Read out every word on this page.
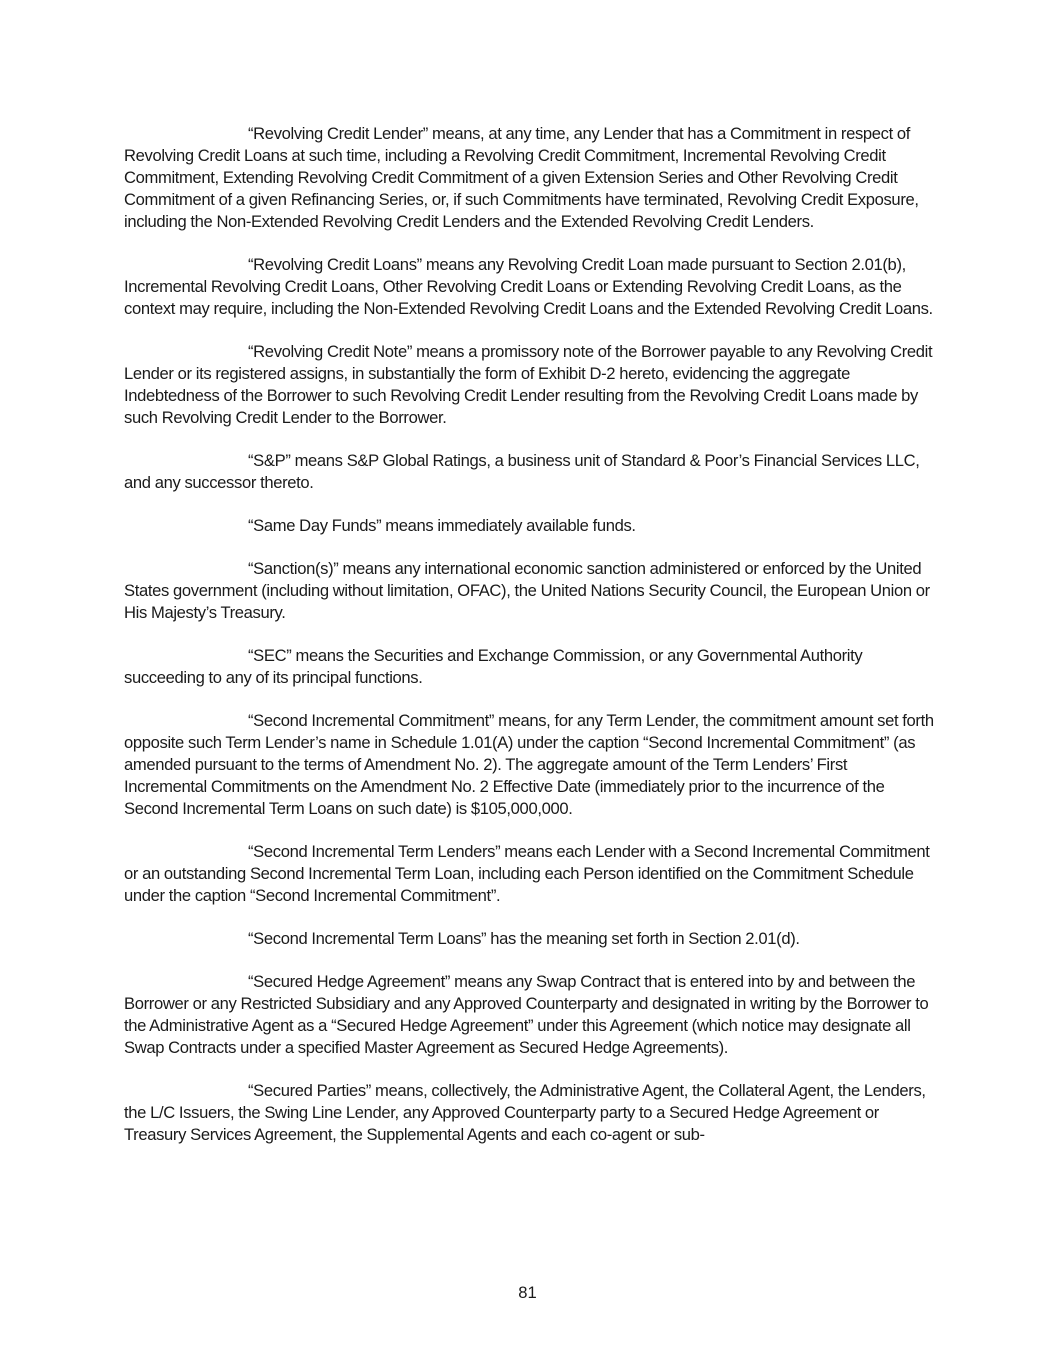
“Revolving Credit Lender” means, at any time, any Lender that has a Commitment in respect of Revolving Credit Loans at such time, including a Revolving Credit Commitment, Incremental Revolving Credit Commitment, Extending Revolving Credit Commitment of a given Extension Series and Other Revolving Credit Commitment of a given Refinancing Series, or, if such Commitments have terminated, Revolving Credit Exposure, including the Non-Extended Revolving Credit Lenders and the Extended Revolving Credit Lenders.

“Revolving Credit Loans” means any Revolving Credit Loan made pursuant to Section 2.01(b), Incremental Revolving Credit Loans, Other Revolving Credit Loans or Extending Revolving Credit Loans, as the context may require, including the Non-Extended Revolving Credit Loans and the Extended Revolving Credit Loans.

“Revolving Credit Note” means a promissory note of the Borrower payable to any Revolving Credit Lender or its registered assigns, in substantially the form of Exhibit D-2 hereto, evidencing the aggregate Indebtedness of the Borrower to such Revolving Credit Lender resulting from the Revolving Credit Loans made by such Revolving Credit Lender to the Borrower.

“S&P” means S&P Global Ratings, a business unit of Standard & Poor’s Financial Services LLC, and any successor thereto.

“Same Day Funds” means immediately available funds.

“Sanction(s)” means any international economic sanction administered or enforced by the United States government (including without limitation, OFAC), the United Nations Security Council, the European Union or His Majesty’s Treasury.

“SEC” means the Securities and Exchange Commission, or any Governmental Authority succeeding to any of its principal functions.

“Second Incremental Commitment” means, for any Term Lender, the commitment amount set forth opposite such Term Lender’s name in Schedule 1.01(A) under the caption “Second Incremental Commitment” (as amended pursuant to the terms of Amendment No. 2). The aggregate amount of the Term Lenders’ First Incremental Commitments on the Amendment No. 2 Effective Date (immediately prior to the incurrence of the Second Incremental Term Loans on such date) is $105,000,000.

“Second Incremental Term Lenders” means each Lender with a Second Incremental Commitment or an outstanding Second Incremental Term Loan, including each Person identified on the Commitment Schedule under the caption “Second Incremental Commitment”.

“Second Incremental Term Loans” has the meaning set forth in Section 2.01(d).

“Secured Hedge Agreement” means any Swap Contract that is entered into by and between the Borrower or any Restricted Subsidiary and any Approved Counterparty and designated in writing by the Borrower to the Administrative Agent as a “Secured Hedge Agreement” under this Agreement (which notice may designate all Swap Contracts under a specified Master Agreement as Secured Hedge Agreements).

“Secured Parties” means, collectively, the Administrative Agent, the Collateral Agent, the Lenders, the L/C Issuers, the Swing Line Lender, any Approved Counterparty party to a Secured Hedge Agreement or Treasury Services Agreement, the Supplemental Agents and each co-agent or sub-

81
